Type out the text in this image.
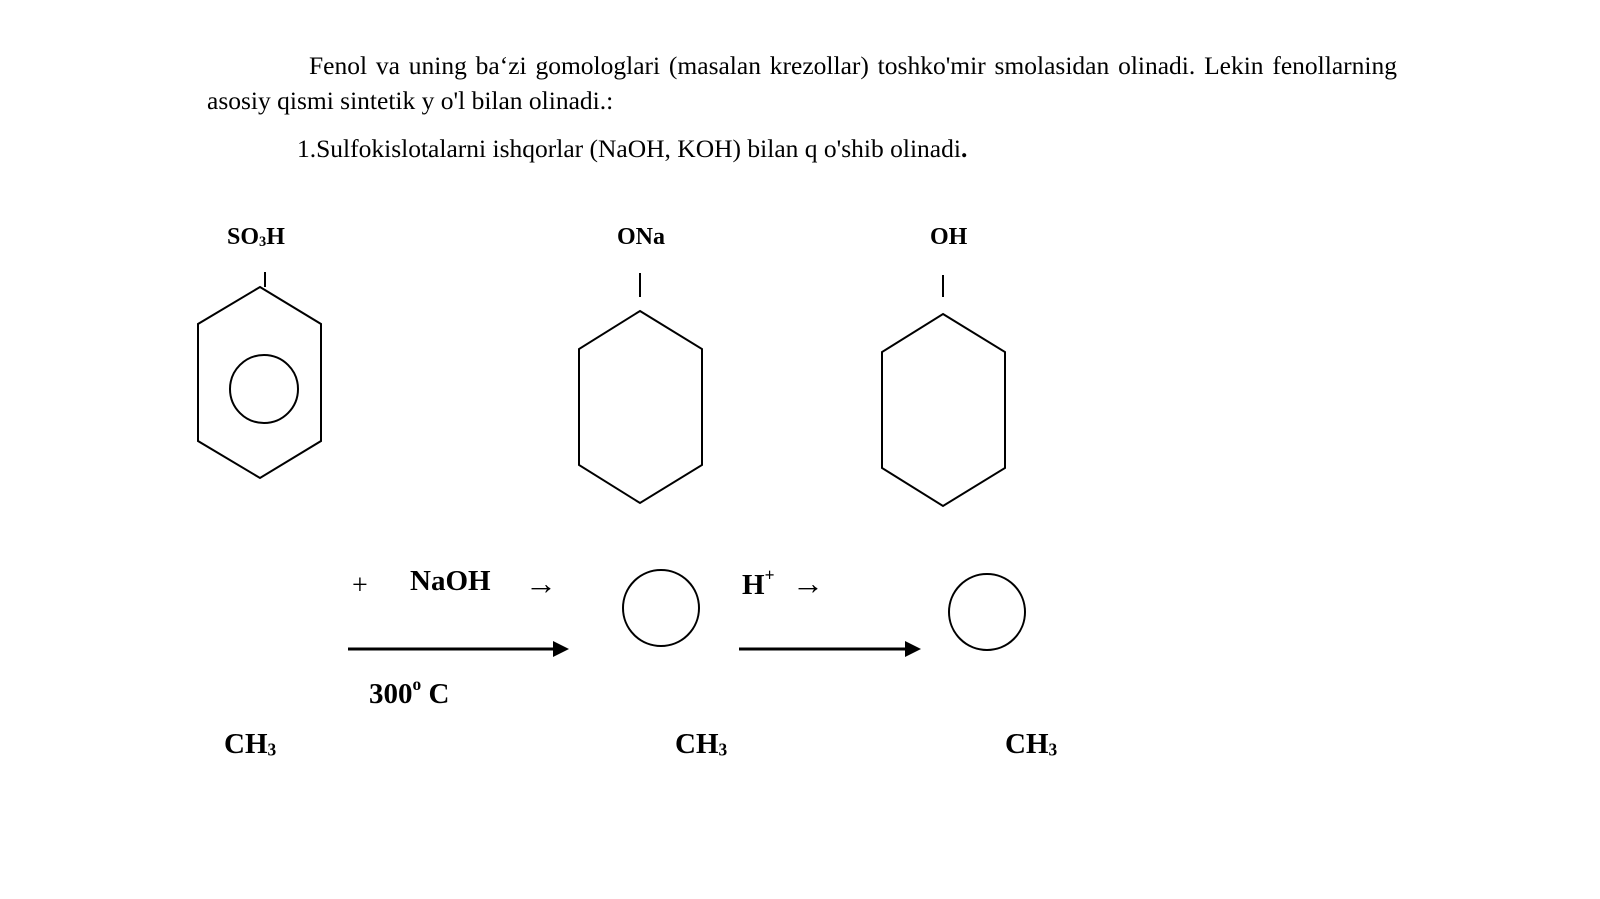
Fenol va uning ba‘zi gomologlari (masalan krezollar) toshko'mir smolasidan olinadi. Lekin fenollarning asosiy qismi sintetik y o'l bilan olinadi.:

1.Sulfokislotalarni ishqorlar (NaOH, KOH) bilan q o'shib olinadi.

$SO_3H$	ONa	OH
+ NaOH →	H+ →
$300^o$ C
$CH_3$	$CH_3$	$CH_3$
